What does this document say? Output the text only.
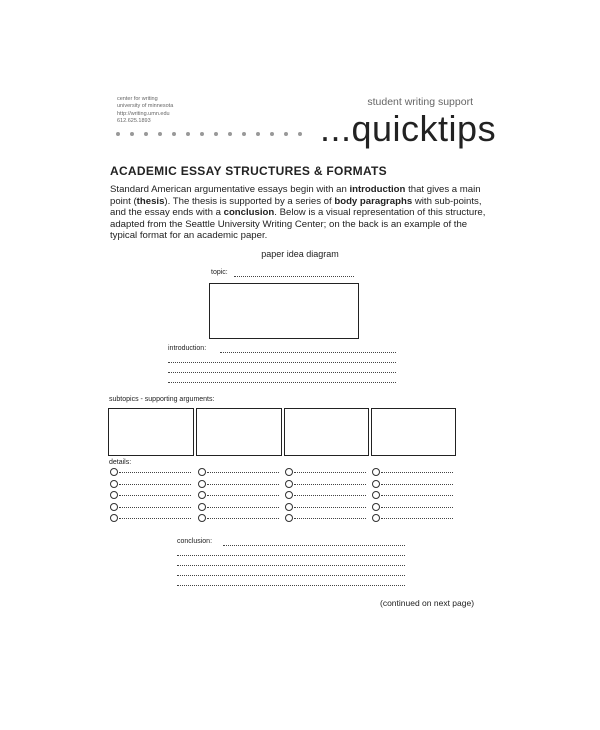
center for writing
university of minnesota
http://writing.umn.edu
612.625.1893
student writing support
...quicktips
ACADEMIC ESSAY STRUCTURES & FORMATS
Standard American argumentative essays begin with an introduction that gives a main point (thesis). The thesis is supported by a series of body paragraphs with sub-points, and the essay ends with a conclusion. Below is a visual representation of this structure, adapted from the Seattle University Writing Center; on the back is an example of the typical format for an academic paper.
paper idea diagram
topic:
introduction:
subtopics - supporting arguments:
details:
conclusion:
(continued on next page)
